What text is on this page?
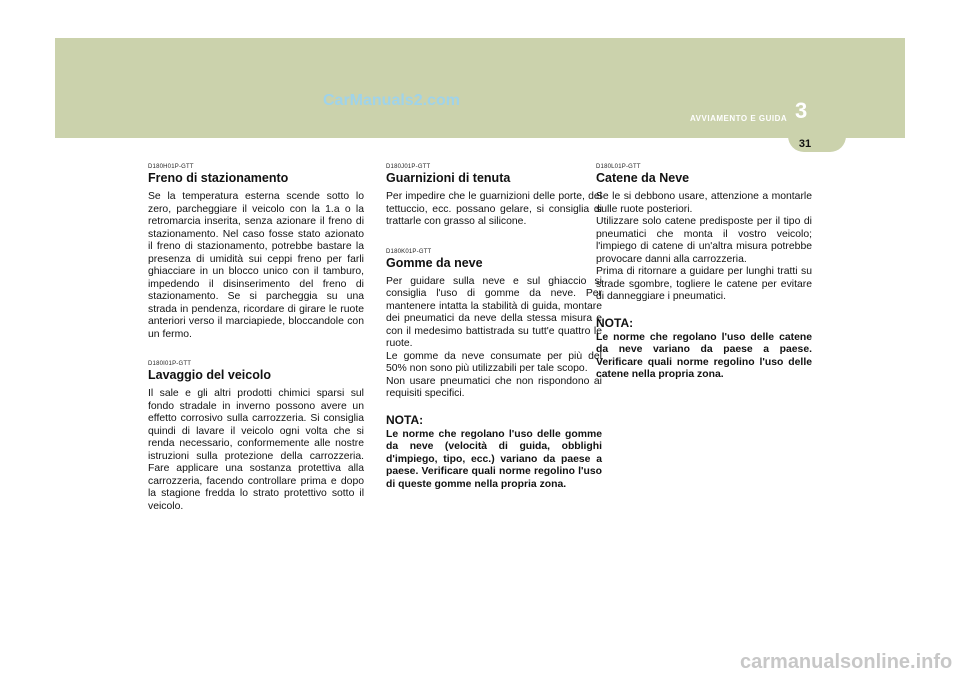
CarManuals2.com	3
AVVIAMENTO E GUIDA
31
D180H01P-GTT
Freno di stazionamento

Se la temperatura esterna scende sotto lo zero, parcheggiare il veicolo con la 1.a o la retromarcia inserita, senza azionare il freno di stazionamento. Nel caso fosse stato azionato il freno di stazionamento, potrebbe bastare la presenza di umidità sui ceppi freno per farli ghiacciare in un blocco unico con il tamburo, impedendo il disinserimento del freno di stazionamento. Se si parcheggia su una strada in pendenza, ricordare di girare le ruote anteriori verso il marciapiede, bloccandole con un fermo.

D180I01P-GTT
Lavaggio del veicolo

Il sale e gli altri prodotti chimici sparsi sul fondo stradale in inverno possono avere un effetto corrosivo sulla carrozzeria. Si consiglia quindi di lavare il veicolo ogni volta che si renda necessario, conformemente alle nostre istruzioni sulla protezione della carrozzeria. Fare applicare una sostanza protettiva alla carrozzeria, facendo controllare prima e dopo la stagione fredda lo strato protettivo sotto il veicolo.

D180J01P-GTT
Guarnizioni di tenuta

Per impedire che le guarnizioni delle porte, del tettuccio, ecc. possano gelare, si consiglia di trattarle con grasso al silicone.

D180K01P-GTT
Gomme da neve

Per guidare sulla neve e sul ghiaccio si consiglia l'uso di gomme da neve. Per mantenere intatta la stabilità di guida, montare dei pneumatici da neve della stessa misura e con il medesimo battistrada su tutt'e quattro le ruote.

Le gomme da neve consumate per più del 50% non sono più utilizzabili per tale scopo.

Non usare pneumatici che non rispondono ai requisiti specifici.

NOTA:

Le norme che regolano l'uso delle gomme da neve (velocità di guida, obblighi d'impiego, tipo, ecc.) variano da paese a paese. Verificare quali norme regolino l'uso di queste gomme nella propria zona.

D180L01P-GTT
Catene da Neve

Se le si debbono usare, attenzione a montarle sulle ruote posteriori.

Utilizzare solo catene predisposte per il tipo di pneumatici che monta il vostro veicolo; l'impiego di catene di un'altra misura potrebbe provocare danni alla carrozzeria.

Prima di ritornare a guidare per lunghi tratti su strade sgombre, togliere le catene per evitare di danneggiare i pneumatici.

NOTA:

Le norme che regolano l'uso delle catene da neve variano da paese a paese. Verificare quali norme regolino l'uso delle catene nella propria zona.

carmanualsonline.info
